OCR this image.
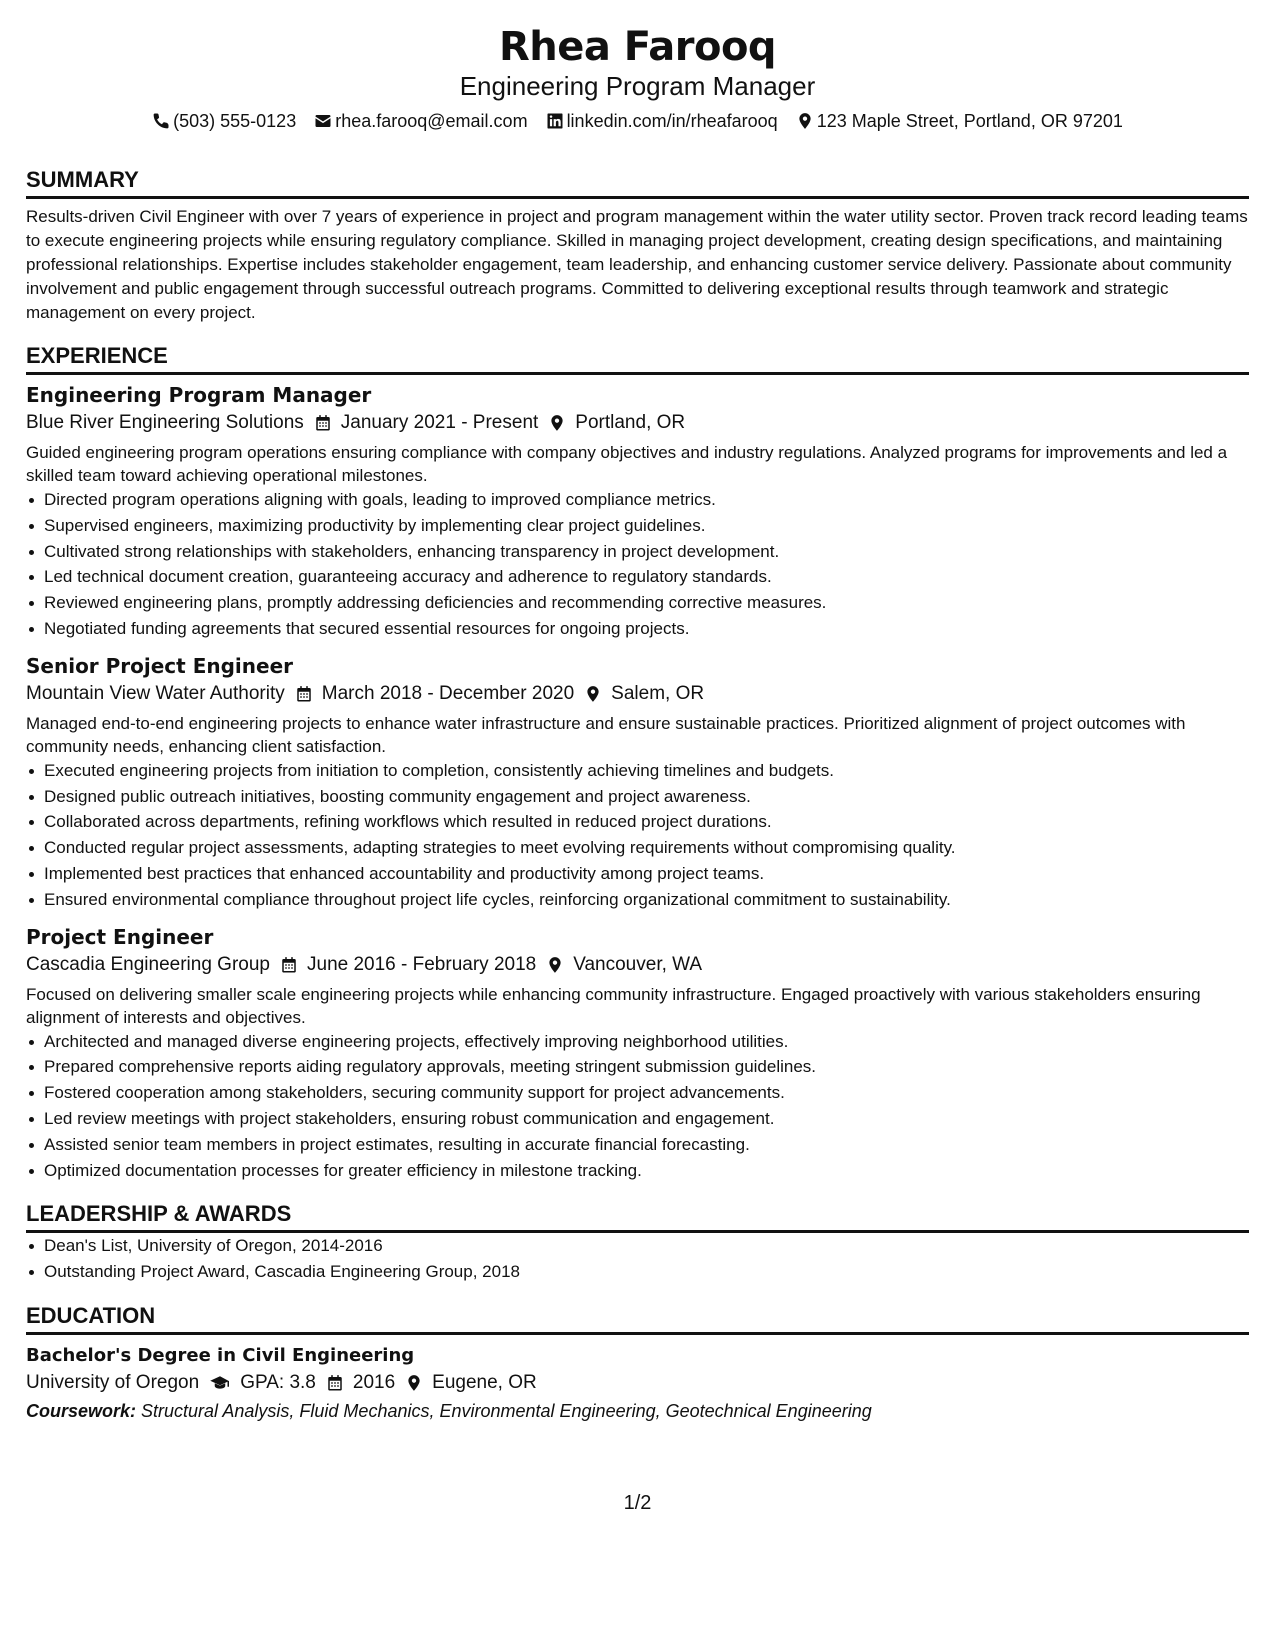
Rhea Farooq
Engineering Program Manager
(503) 555-0123 rhea.farooq@email.com linkedin.com/in/rheafarooq 123 Maple Street, Portland, OR 97201
SUMMARY
Results-driven Civil Engineer with over 7 years of experience in project and program management within the water utility sector. Proven track record leading teams to execute engineering projects while ensuring regulatory compliance. Skilled in managing project development, creating design specifications, and maintaining professional relationships. Expertise includes stakeholder engagement, team leadership, and enhancing customer service delivery. Passionate about community involvement and public engagement through successful outreach programs. Committed to delivering exceptional results through teamwork and strategic management on every project.
EXPERIENCE
Engineering Program Manager
Blue River Engineering Solutions January 2021 - Present Portland, OR
Guided engineering program operations ensuring compliance with company objectives and industry regulations. Analyzed programs for improvements and led a skilled team toward achieving operational milestones.
Directed program operations aligning with goals, leading to improved compliance metrics.
Supervised engineers, maximizing productivity by implementing clear project guidelines.
Cultivated strong relationships with stakeholders, enhancing transparency in project development.
Led technical document creation, guaranteeing accuracy and adherence to regulatory standards.
Reviewed engineering plans, promptly addressing deficiencies and recommending corrective measures.
Negotiated funding agreements that secured essential resources for ongoing projects.
Senior Project Engineer
Mountain View Water Authority March 2018 - December 2020 Salem, OR
Managed end-to-end engineering projects to enhance water infrastructure and ensure sustainable practices. Prioritized alignment of project outcomes with community needs, enhancing client satisfaction.
Executed engineering projects from initiation to completion, consistently achieving timelines and budgets.
Designed public outreach initiatives, boosting community engagement and project awareness.
Collaborated across departments, refining workflows which resulted in reduced project durations.
Conducted regular project assessments, adapting strategies to meet evolving requirements without compromising quality.
Implemented best practices that enhanced accountability and productivity among project teams.
Ensured environmental compliance throughout project life cycles, reinforcing organizational commitment to sustainability.
Project Engineer
Cascadia Engineering Group June 2016 - February 2018 Vancouver, WA
Focused on delivering smaller scale engineering projects while enhancing community infrastructure. Engaged proactively with various stakeholders ensuring alignment of interests and objectives.
Architected and managed diverse engineering projects, effectively improving neighborhood utilities.
Prepared comprehensive reports aiding regulatory approvals, meeting stringent submission guidelines.
Fostered cooperation among stakeholders, securing community support for project advancements.
Led review meetings with project stakeholders, ensuring robust communication and engagement.
Assisted senior team members in project estimates, resulting in accurate financial forecasting.
Optimized documentation processes for greater efficiency in milestone tracking.
LEADERSHIP & AWARDS
Dean's List, University of Oregon, 2014-2016
Outstanding Project Award, Cascadia Engineering Group, 2018
EDUCATION
Bachelor's Degree in Civil Engineering
University of Oregon GPA: 3.8 2016 Eugene, OR
Coursework: Structural Analysis, Fluid Mechanics, Environmental Engineering, Geotechnical Engineering
1/2
